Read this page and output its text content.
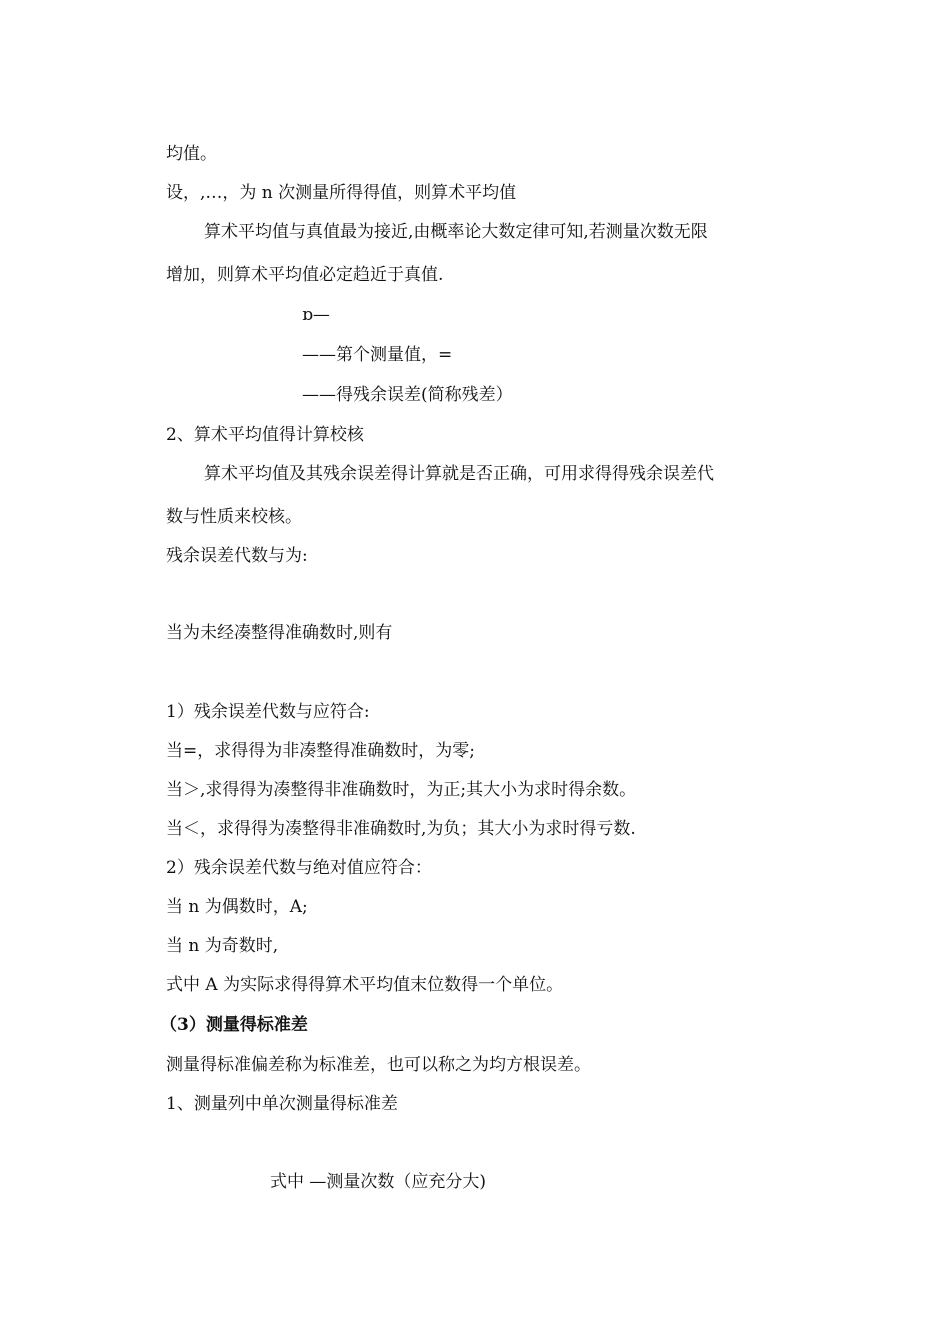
均值。
设，,…，为 n 次测量所得得值，则算术平均值
算术平均值与真值最为接近,由概率论大数定律可知,若测量次数无限
增加，则算术平均值必定趋近于真值.
ɒ—
——第个测量值，=
——得残余误差(简称残差）
2、算术平均值得计算校核
算术平均值及其残余误差得计算就是否正确，可用求得得残余误差代
数与性质来校核。
残余误差代数与为:
当为未经凑整得准确数时,则有
1）残余误差代数与应符合:
当=，求得得为非凑整得准确数时，为零;
当＞,求得得为凑整得非准确数时，为正;其大小为求时得余数。
当＜，求得得为凑整得非准确数时,为负；其大小为求时得亏数.
2）残余误差代数与绝对值应符合：
当 n 为偶数时，A;
当 n 为奇数时,
式中 A 为实际求得得算术平均值末位数得一个单位。
（3）测量得标准差
测量得标准偏差称为标准差，也可以称之为均方根误差。
1、测量列中单次测量得标准差
式中 —测量次数（应充分大)
